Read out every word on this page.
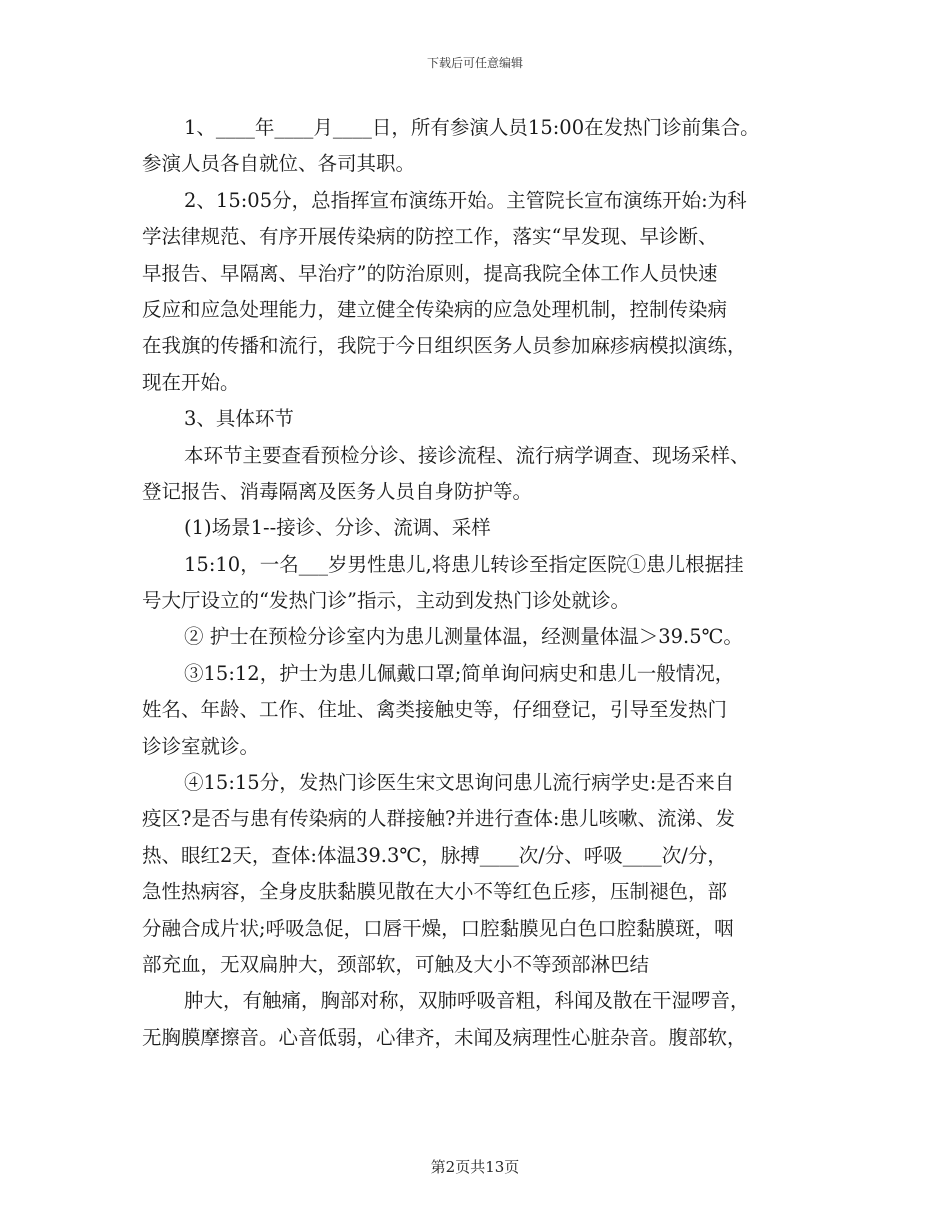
下载后可任意编辑
1、____年____月____日，所有参演人员15:00在发热门诊前集合。
参演人员各自就位、各司其职。
2、15:05分，总指挥宣布演练开始。主管院长宣布演练开始:为科
学法律规范、有序开展传染病的防控工作，落实“早发现、早诊断、
早报告、早隔离、早治疗”的防治原则，提高我院全体工作人员快速
反应和应急处理能力，建立健全传染病的应急处理机制，控制传染病
在我旗的传播和流行，我院于今日组织医务人员参加麻疹病模拟演练，
现在开始。
3、具体环节
本环节主要查看预检分诊、接诊流程、流行病学调查、现场采样、
登记报告、消毒隔离及医务人员自身防护等。
(1)场景1--接诊、分诊、流调、采样
15:10，一名___岁男性患儿,将患儿转诊至指定医院①患儿根据挂
号大厅设立的“发热门诊”指示，主动到发热门诊处就诊。
② 护士在预检分诊室内为患儿测量体温，经测量体温＞39.5℃。
③15:12，护士为患儿佩戴口罩;简单询问病史和患儿一般情况，
姓名、年龄、工作、住址、禽类接触史等，仔细登记，引导至发热门
诊诊室就诊。
④15:15分，发热门诊医生宋文思询问患儿流行病学史:是否来自
疫区?是否与患有传染病的人群接触?并进行查体:患儿咳嗽、流涕、发
热、眼红2天，查体:体温39.3℃，脉搏____次/分、呼吸____次/分，
急性热病容，全身皮肤黏膜见散在大小不等红色丘疹，压制褪色，部
分融合成片状;呼吸急促，口唇干燥，口腔黏膜见白色口腔黏膜斑，咽
部充血，无双扁肿大，颈部软，可触及大小不等颈部淋巴结
肿大，有触痛，胸部对称，双肺呼吸音粗，科闻及散在干湿啰音，
无胸膜摩擦音。心音低弱，心律齐，未闻及病理性心脏杂音。腹部软，
第2页共13页
